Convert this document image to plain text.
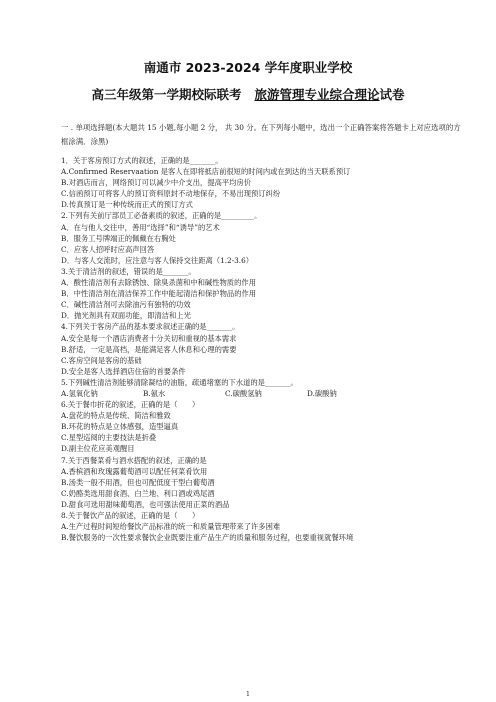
南通市 2023-2024 学年度职业学校
高三年级第一学期校际联考 旅游管理专业综合理论试卷
一 . 单项选择题(本大题共 15 小题,每小题 2 分， 共 30 分。在下列每小题中，选出一个正确答案将答题卡上对应选项的方框涂满．涂黑)
1．关于客房预订方式的叙述，正确的是_______。
A.Confirmed Reservaation 是客人在即将抵店前很短的时间内或在到达的当天联系预订
B.对酒店而言，网络预订可以减少中介支出，提高平均房价
C.信函预订可将客人的预订资料原封不动地保存，不易出现预订纠纷
D.传真预订是一种传统而正式的预订方式
2.下列有关前厅部员工必备素质的叙述，正确的是_________。
A．在与他人交往中，善用“选择”和“诱导”的艺术
B．服务工号牌端正的佩戴在右胸处
C．应客人招呼时应高声回答
D．与客人交流时，应注意与客人保持交往距离（1.2-3.6）
3.关于清洁剂的叙述，错误的是_______。
A．酸性清洁剂有去除锈蚀、除臭杀菌和中和碱性物质的作用
B．中性清洁剂在清洁保养工作中能起清洁和保护物品的作用
C．碱性清洁剂可去除油污有独特的功效
D．抛光剂具有双面功能，即清洁和上光
4.下列关于客房产品的基本要求叙述正确的是_______。
A.安全是每一个酒店消费者十分关切和重视的基本需求
B.舒适，一定是高档，是能满足客人休息和心理的需要
C.客房空间是客房的基础
D.安全是客人选择酒店住宿的首要条件
5.下列碱性清洁剂能够清除凝结的油脂，疏通堵塞的下水道的是_______。
A.氢氧化钠	B.氨水	C.碳酸氢钠	D.碳酸钠
6.关于餐巾折花的叙述，正确的是（　　）
A.盘花的特点是传统、简洁和雅致
B.环花的特点是立体感强，造型逼真
C.星型巡阅的主要技法是折叠
D.副主位花应美观醒目
7.关于西餐菜肴与酒水搭配的叙述，正确的是
A.香槟酒和玫瑰露葡萄酒可以配任何菜肴饮用
B.汤类一般不用酒，但也可配低度干型白葡萄酒
C.奶酪类选用甜食酒、白兰地、利口酒或鸡尾酒
D.甜食可选用甜味葡萄酒，也可强法使用正菜的酒品
8.关于餐饮产品的叙述，正确的是（　　）
A.生产过程时间短给餐饮产品标准的统一和质量管理带来了许多困难
B.餐饮服务的一次性要求餐饮企业既要注重产品生产的质量和服务过程，也要重视就餐环境
1
